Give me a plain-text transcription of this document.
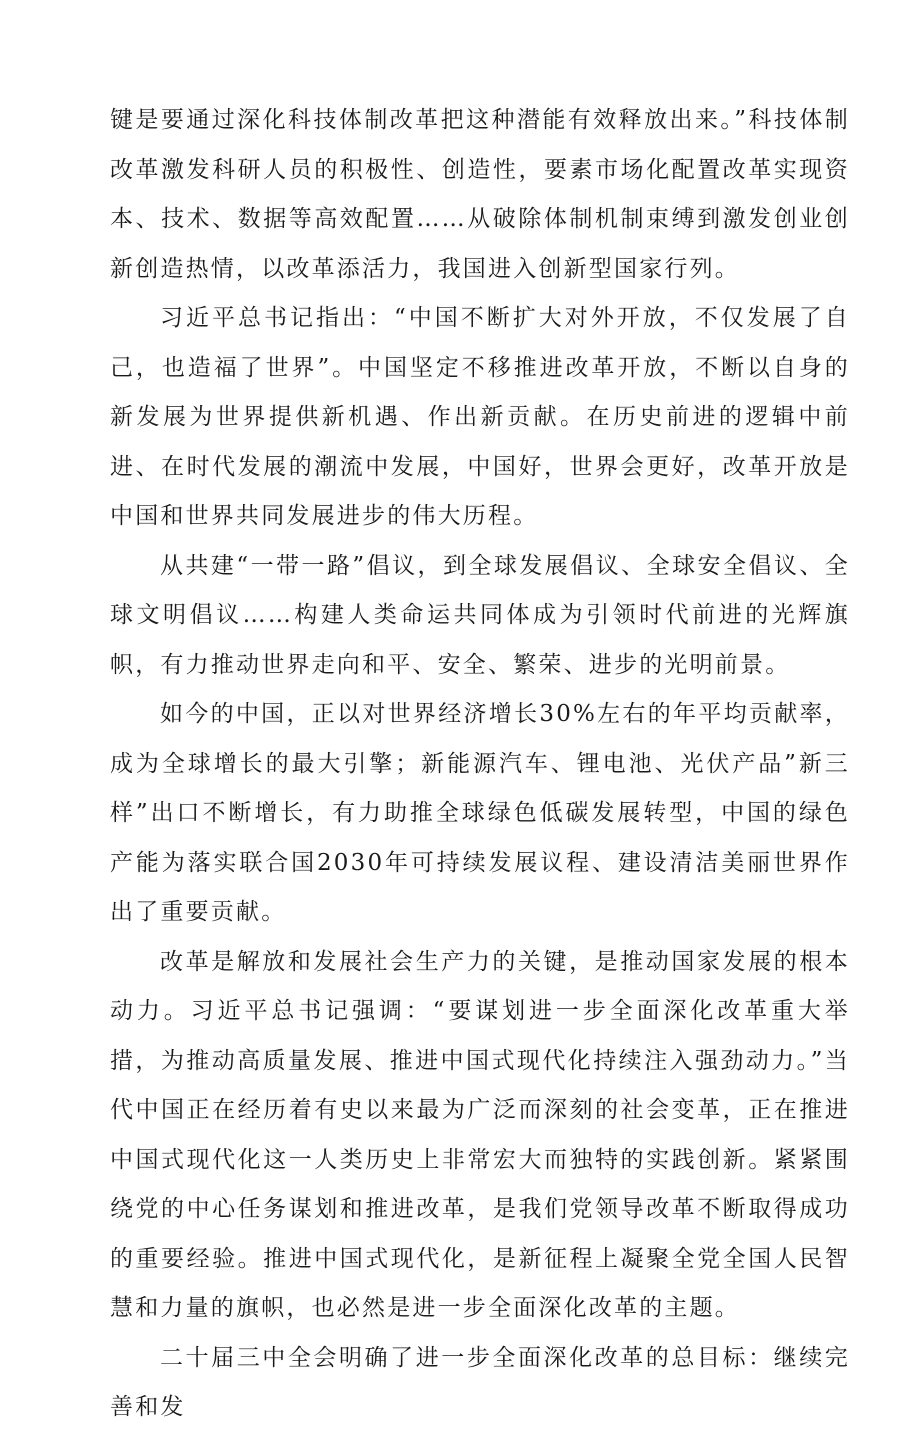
键是要通过深化科技体制改革把这种潜能有效释放出来。”科技体制改革激发科研人员的积极性、创造性，要素市场化配置改革实现资本、技术、数据等高效配置……从破除体制机制束缚到激发创业创新创造热情，以改革添活力，我国进入创新型国家行列。

习近平总书记指出：“中国不断扩大对外开放，不仅发展了自己，也造福了世界”。中国坚定不移推进改革开放，不断以自身的新发展为世界提供新机遇、作出新贡献。在历史前进的逻辑中前进、在时代发展的潮流中发展，中国好，世界会更好，改革开放是中国和世界共同发展进步的伟大历程。

从共建“一带一路”倡议，到全球发展倡议、全球安全倡议、全球文明倡议……构建人类命运共同体成为引领时代前进的光辉旗帜，有力推动世界走向和平、安全、繁荣、进步的光明前景。

如今的中国，正以对世界经济增长30%左右的年平均贡献率，成为全球增长的最大引擎；新能源汽车、锂电池、光伏产品”新三样”出口不断增长，有力助推全球绿色低碳发展转型，中国的绿色产能为落实联合国2030年可持续发展议程、建设清洁美丽世界作出了重要贡献。

改革是解放和发展社会生产力的关键，是推动国家发展的根本动力。习近平总书记强调：“要谋划进一步全面深化改革重大举措，为推动高质量发展、推进中国式现代化持续注入强劲动力。”当代中国正在经历着有史以来最为广泛而深刻的社会变革，正在推进中国式现代化这一人类历史上非常宏大而独特的实践创新。紧紧围绕党的中心任务谋划和推进改革，是我们党领导改革不断取得成功的重要经验。推进中国式现代化，是新征程上凝聚全党全国人民智慧和力量的旗帜，也必然是进一步全面深化改革的主题。

二十届三中全会明确了进一步全面深化改革的总目标：继续完善和发
